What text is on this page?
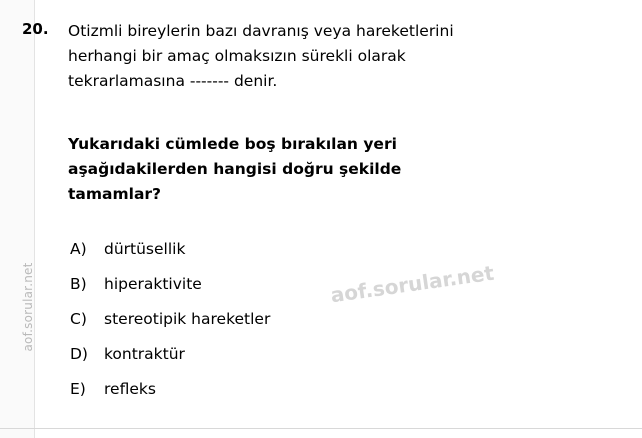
aof.sorular.net
20. Otizmli bireylerin bazı davranış veya hareketlerini
herhangi bir amaç olmaksızın sürekli olarak
tekrarlamasına ------- denir.
Yukarıdaki cümlede boş bırakılan yeri
aşağıdakilerden hangisi doğru şekilde
tamamlar?
A)	dürtüsellik
B)	hiperaktivite
C)	stereotipik hareketler
D)	kontraktür
E)	refleks
aof.sorular.net
